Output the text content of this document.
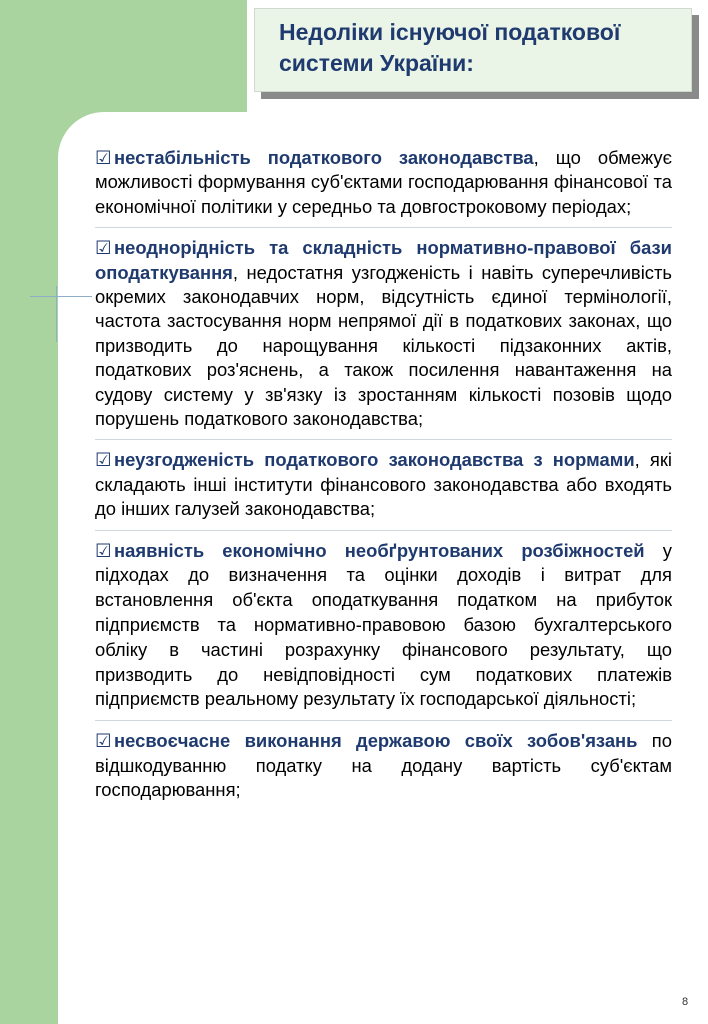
Недоліки існуючої податкової системи України:

☑ нестабільність податкового законодавства, що обмежує можливості формування суб'єктами господарювання фінансової та економічної політики у середньо та довгостроковому періодах;

☑ неоднорідність та складність нормативно-правової бази оподаткування, недостатня узгодженість і навіть суперечливість окремих законодавчих норм, відсутність єдиної термінології, частота застосування норм непрямої дії в податкових законах, що призводить до нарощування кількості підзаконних актів, податкових роз'яснень, а також посилення навантаження на судову систему у зв'язку із зростанням кількості позовів щодо порушень податкового законодавства;

☑ неузгодженість податкового законодавства з нормами, які складають інші інститути фінансового законодавства або входять до інших галузей законодавства;

☑ наявність економічно необґрунтованих розбіжностей у підходах до визначення та оцінки доходів і витрат для встановлення об'єкта оподаткування податком на прибуток підприємств та нормативно-правовою базою бухгалтерського обліку в частині розрахунку фінансового результату, що призводить до невідповідності сум податкових платежів підприємств реальному результату їх господарської діяльності;

☑ несвоєчасне виконання державою своїх зобов'язань по відшкодуванню податку на додану вартість суб'єктам господарювання;

8
